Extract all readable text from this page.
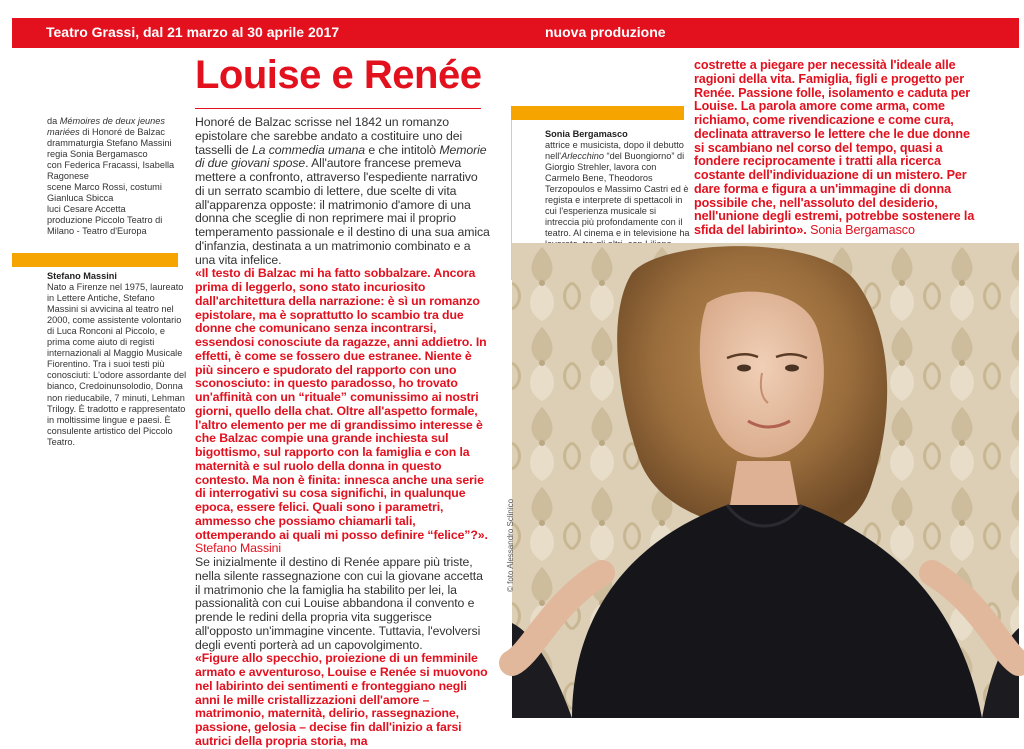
Teatro Grassi, dal 21 marzo al 30 aprile 2017	nuova produzione
Louise e Renée
da Mémoires de deux jeunes mariées di Honoré de Balzac
drammaturgia Stefano Massini
regia Sonia Bergamasco
con Federica Fracassi, Isabella Ragonese
scene Marco Rossi, costumi Gianluca Sbicca
luci Cesare Accetta
produzione Piccolo Teatro di Milano - Teatro d'Europa
Stefano Massini
Nato a Firenze nel 1975, laureato in Lettere Antiche, Stefano Massini si avvicina al teatro nel 2000, come assistente volontario di Luca Ronconi al Piccolo, e prima come aiuto di registi internazionali al Maggio Musicale Fiorentino. Tra i suoi testi più conosciuti: L'odore assordante del bianco, Credoinunsolodio, Donna non rieducabile, 7 minuti, Lehman Trilogy. È tradotto e rappresentato in moltissime lingue e paesi. È consulente artistico del Piccolo Teatro.
Honoré de Balzac scrisse nel 1842 un romanzo epistolare che sarebbe andato a costituire uno dei tasselli de La commedia umana e che intitolò Memorie di due giovani spose. All'autore francese premeva mettere a confronto, attraverso l'espediente narrativo di un serrato scambio di lettere, due scelte di vita all'apparenza opposte: il matrimonio d'amore di una donna che sceglie di non reprimere mai il proprio temperamento passionale e il destino di una sua amica d'infanzia, destinata a un matrimonio combinato e a una vita infelice.
«Il testo di Balzac mi ha fatto sobbalzare. Ancora prima di leggerlo, sono stato incuriosito dall'architettura della narrazione: è sì un romanzo epistolare, ma è soprattutto lo scambio tra due donne che comunicano senza incontrarsi, essendosi conosciute da ragazze, anni addietro. In effetti, è come se fossero due estranee. Niente è più sincero e spudorato del rapporto con uno sconosciuto: in questo paradosso, ho trovato un'affinità con un “rituale” comunissimo ai nostri giorni, quello della chat. Oltre all'aspetto formale, l'altro elemento per me di grandissimo interesse è che Balzac compie una grande inchiesta sul bigottismo, sul rapporto con la famiglia e con la maternità e sul ruolo della donna in questo contesto. Ma non è finita: innesca anche una serie di interrogativi su cosa significhi, in qualunque epoca, essere felici. Quali sono i parametri, ammesso che possiamo chiamarli tali, ottemperando ai quali mi posso definire “felice”?». Stefano Massini
Se inizialmente il destino di Renée appare più triste, nella silente rassegnazione con cui la giovane accetta il matrimonio che la famiglia ha stabilito per lei, la passionalità con cui Louise abbandona il convento e prende le redini della propria vita suggerisce all'opposto un'immagine vincente. Tuttavia, l'evolversi degli eventi porterà ad un capovolgimento.
«Figure allo specchio, proiezione di un femminile armato e avventuroso, Louise e Renée si muovono nel labirinto dei sentimenti e fronteggiano negli anni le mille cristallizzazioni dell'amore – matrimonio, maternità, delirio, rassegnazione, passione, gelosia – decise fin dall'inizio a farsi autrici della propria storia, ma
costrette a piegare per necessità l'ideale alle ragioni della vita. Famiglia, figli e progetto per Renée. Passione folle, isolamento e caduta per Louise. La parola amore come arma, come richiamo, come rivendicazione e come cura, declinata attraverso le lettere che le due donne si scambiano nel corso del tempo, quasi a fondere reciprocamente i tratti alla ricerca costante dell'individuazione di un mistero. Per dare forma e figura a un'immagine di donna possibile che, nell'assoluto del desiderio, nell'unione degli estremi, potrebbe sostenere la sfida del labirinto». Sonia Bergamasco
Sonia Bergamasco
attrice e musicista, dopo il debutto nell'Arlecchino “del Buongiorno” di Giorgio Strehler, lavora con Carmelo Bene, Theodoros Terzopoulos e Massimo Castri ed è regista e interprete di spettacoli in cui l'esperienza musicale si intreccia più profondamente con il teatro. Al cinema e in televisione ha
© foto Alessandro Sclinico
